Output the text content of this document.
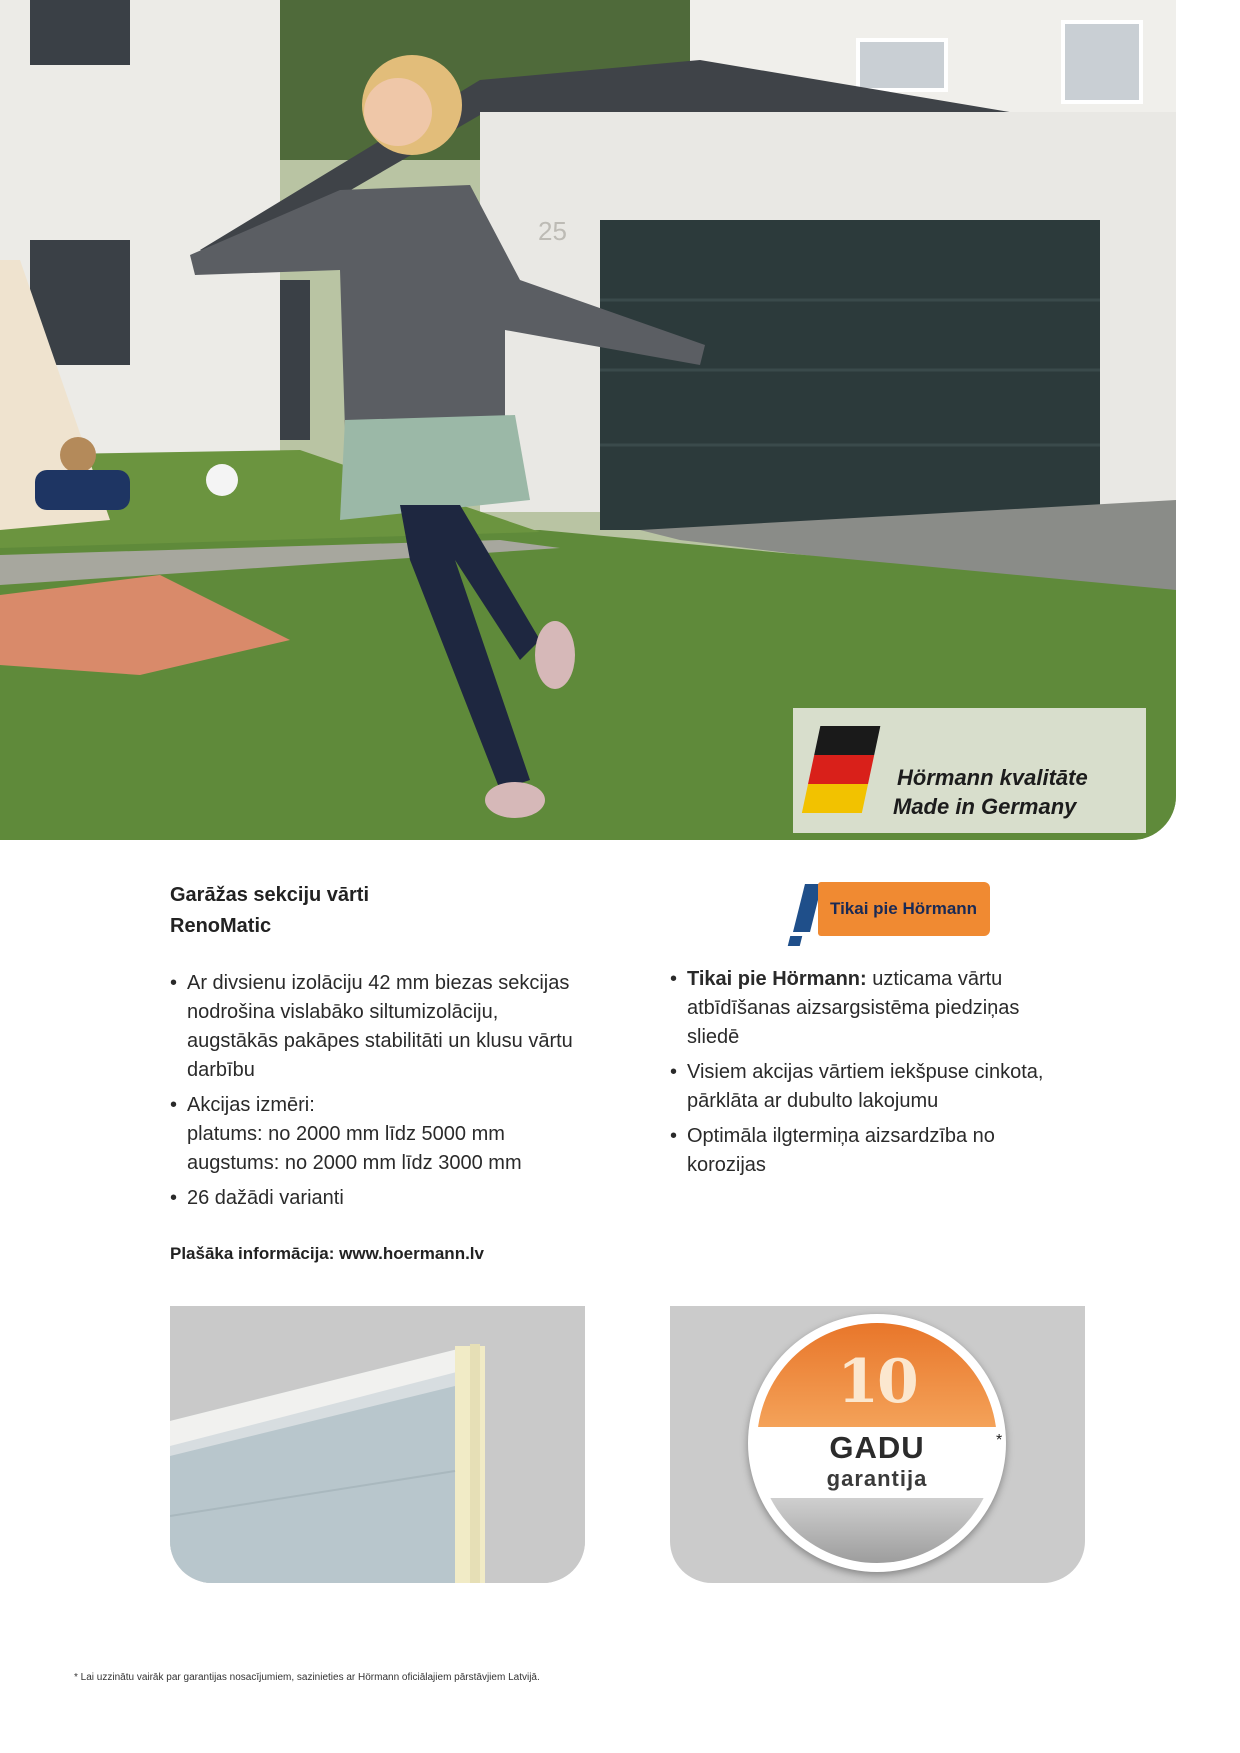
25
Hörmann kvalitāte
Made in Germany
Garāžas sekciju vārti
RenoMatic
Tikai pie Hörmann
• Ar divsienu izolāciju 42 mm biezas sekcijas
nodrošina vislabāko siltumizolāciju,
augstākās pakāpes stabilitāti un klusu vārtu
darbību
• Akcijas izmēri:
platums: no 2000 mm līdz 5000 mm
augstums: no 2000 mm līdz 3000 mm
• 26 dažādi varianti
• Tikai pie Hörmann: uzticama vārtu
atbīdīšanas aizsargsistēma piedziņas
sliedē
• Visiem akcijas vārtiem iekšpuse cinkota,
pārklāta ar dubulto lakojumu
• Optimāla ilgtermiņa aizsardzība no
korozijas
Plašāka informācija: www.hoermann.lv
10
GADU
garantija
*
* Lai uzzinātu vairāk par garantijas nosacījumiem, sazinieties ar Hörmann oficiālajiem pārstāvjiem Latvijā.
